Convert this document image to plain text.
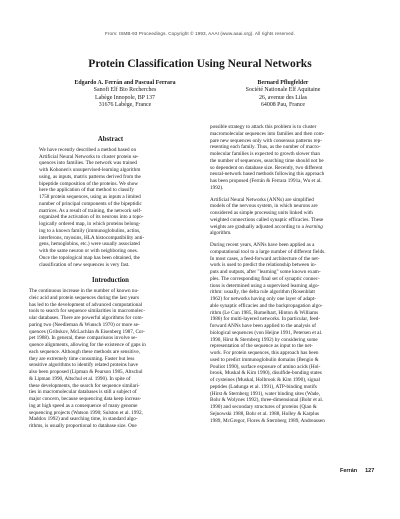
From: ISMB-93 Proceedings. Copyright © 1993, AAAI (www.aaai.org). All rights reserved.
Protein Classification Using Neural Networks
Edgardo A. Ferrán and Pascual Ferrara
Sanofi Elf Bio Recherches
Labège Innopole, BP 137
31676 Labège, France
Bernard Pflugfelder
Société Nationale Elf Aquitaine
26, avenue des Lilas
64008 Pau, France
Abstract
We have recently described a method based on
Artificial Neural Networks to cluster protein se-
quences into families. The network was trained
with Kohonen's unsupervised-learning algorithm
using, as inputs, matrix patterns derived from the
bipeptide composition of the proteins. We show
here the application of that method to classify
1758 protein sequences, using as inputs a limited
number of principal components of the bipeptidic
matrices. As a result of training, the network self-
organized the activation of its neurons into a topo-
logically ordered map, in which proteins belong-
ing to a known family (immunoglobulins, actins,
interferons, myosins, HLA histocompatibility anti-
gens, hemoglobins, etc.) were usually associated
with the same neuron or with neighboring ones.
Once the topological map has been obtained, the
classification of new sequences is very fast.
Introduction
The continuous increase in the number of known nu-
cleic acid and protein sequences during the last years
has led to the development of advanced computational
tools to search for sequence similarities in macromolec-
ular databases. There are powerful algorithms for com-
paring two (Needleman & Wunsch 1970) or more se-
quences (Gribskov, McLachlan & Eisenberg 1987, Cor-
pet 1988). In general, these comparisons involve se-
quence alignments, allowing for the existence of gaps in
each sequence. Although these methods are sensitive,
they are extremely time consuming. Faster but less
sensitive algorithms to identify related proteins have
also been proposed (Lipman & Pearson 1985, Altschul
& Lipman 1990, Altschul et al. 1990). In spite of
these developments, the search for sequence similari-
ties in macromolecular databases is still a subject of
major concern, because sequencing data keep increas-
ing at high speed as a consequence of many genome
sequencing projects (Watson 1990; Sulston et al. 1992,
Maddox 1992) and searching time, in standard algo-
rithms, is usually proportional to database size. One
possible strategy to attack this problem is to cluster
macromolecular sequences into families and then com-
pare new sequences only with consensus patterns rep-
resenting each family. Thus, as the number of macro-
molecular families is expected to growth slower than
the number of sequences, searching time should not be
so dependent on database size. Recently, two different
neural-network based methods following this approach
has been proposed (Ferrán & Ferrara 1991a, Wu et al.
1992).
Artificial Neural Networks (ANNs) are simplified
models of the nervous system, in which neurons are
considered as simple processing units linked with
weighted connections called synaptic efficacies. These
weights are gradually adjusted according to a learning
algorithm.
During recent years, ANNs have been applied as a
computational tool to a large number of different fields.
In most cases, a feed-forward architecture of the net-
work is used to predict the relationship between in-
puts and outputs, after "learning" some known exam-
ples. The corresponding final set of synaptic connec-
tions is determined using a supervised learning algo-
rithm: usually, the delta rule algorithm (Rosenblatt
1962) for networks having only one layer of adapt-
able synaptic efficacies and the backpropagation algo-
rithm (Le Cun 1985, Rumelhart, Hinton & Williams
1986) for multi-layered networks. In particular, feed-
forward ANNs have been applied to the analysis of
biological sequences (von Heijne 1991, Petersen et al.
1990, Hirst & Sternberg 1992) by considering some
representation of the sequence as input to the net-
work. For protein sequences, this approach has been
used to predict immunoglobulin domains (Bengio &
Pouliot 1990), surface exposure of amino acids (Hol-
brook, Muskal & Kim 1990), disulfide-bonding states
of cysteines (Muskal, Holbrook & Kim 1990), signal
peptides (Ladunga et al. 1991), ATP-binding motifs
(Hirst & Sternberg 1991), water binding sites (Wade,
Bohr & Wolynes 1992), three-dimensional (Bohr et al.
1990) and secondary structures of proteins (Qian &
Sejnowski 1988, Bohr et al. 1988, Holley & Karplus
1989, McGregor, Flores & Sternberg 1989, Andreassen
Ferrán 127
